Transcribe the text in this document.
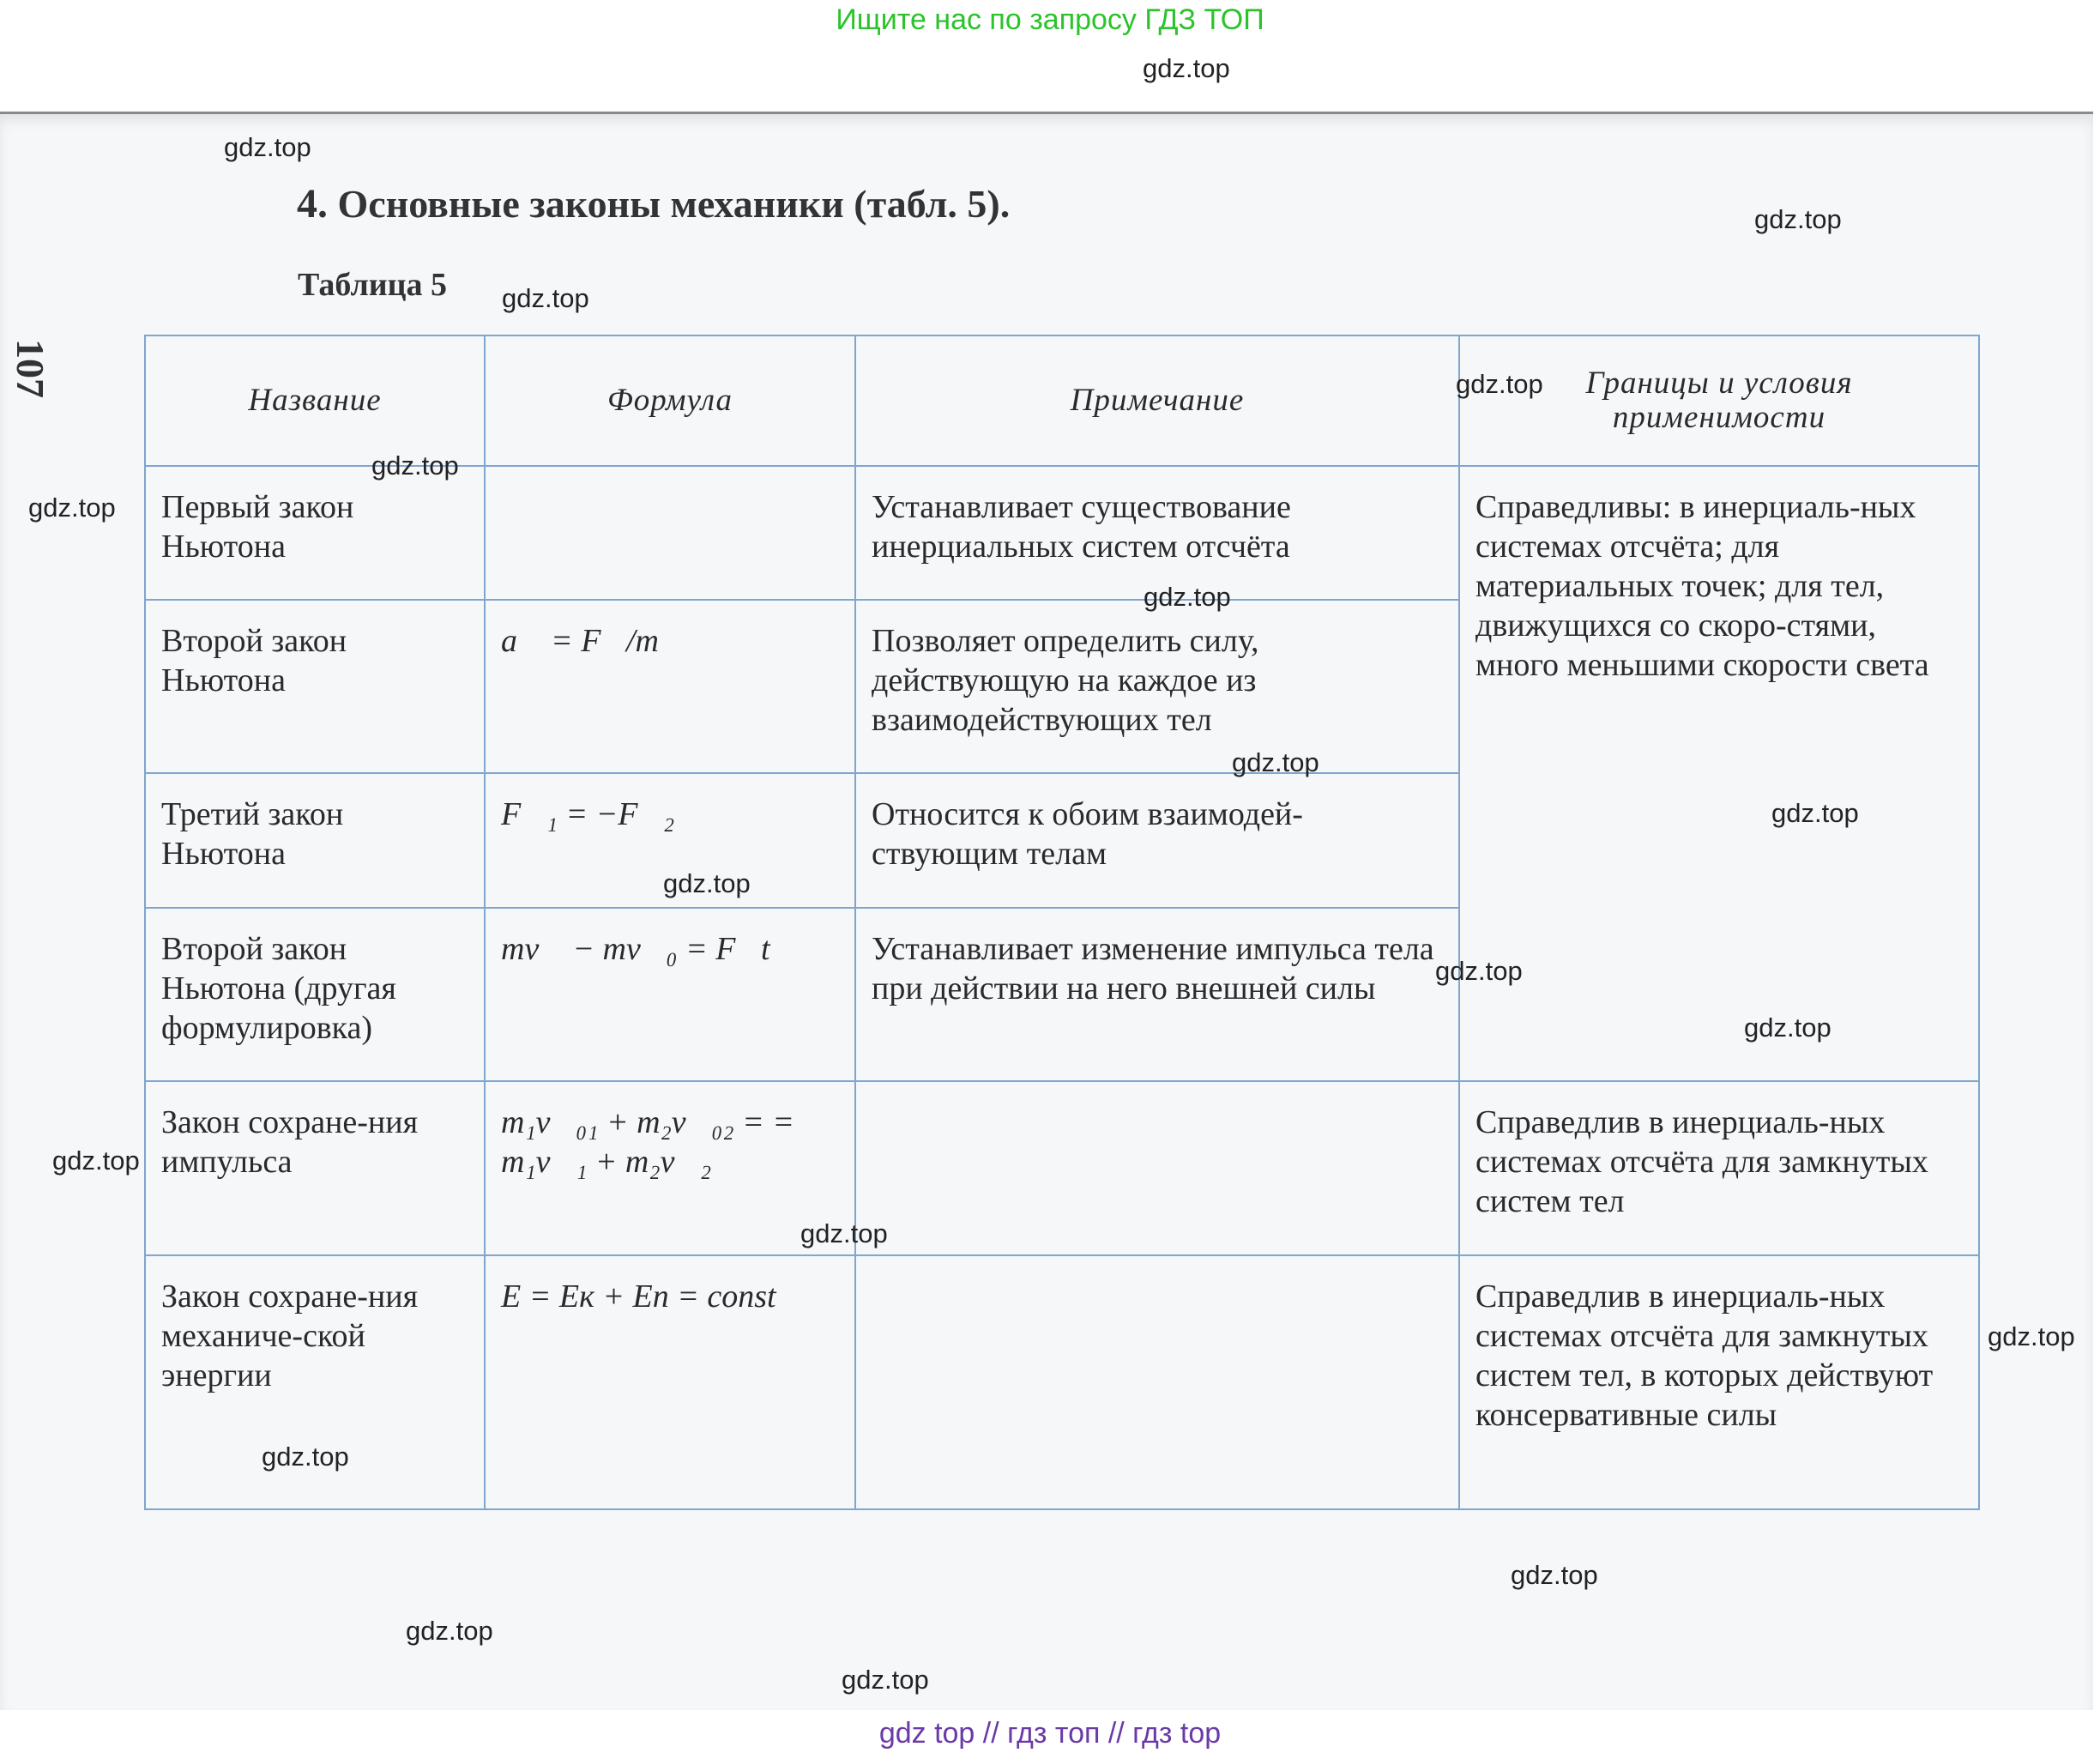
Ищите нас по запросу ГДЗ ТОП
107
4. Основные законы механики (табл. 5).
Таблица 5
Название	Формула	Примечание	Границы и условия применимости
Первый закон Ньютона		Устанавливает существование инерциальных систем отсчёта	Справедливы: в инерциаль-ных системах отсчёта; для материальных точек; для тел, движущихся со скоро-стями, много меньшими скорости света
Второй закон Ньютона	a⃗ = F⃗/m	Позволяет определить силу, действующую на каждое из взаимодействующих тел	
Третий закон Ньютона	F⃗₁ = −F⃗₂	Относится к обоим взаимодей-ствующим телам	
Второй закон Ньютона (другая формулировка)	mv⃗ − mv⃗₀ = F⃗t	Устанавливает изменение импульса тела при действии на него внешней силы	
Закон сохране-ния импульса	m₁v⃗₀₁ + m₂v⃗₀₂ = = m₁v⃗₁ + m₂v⃗₂		Справедлив в инерциаль-ных системах отсчёта для замкнутых систем тел
Закон сохране-ния механиче-ской энергии	E = Eк + Eп = const		Справедлив в инерциаль-ных системах отсчёта для замкнутых систем тел, в которых действуют консервативные силы
gdz.top
gdz.top
gdz.top
gdz.top
gdz.top
gdz.top
gdz.top
gdz.top
gdz.top
gdz.top
gdz.top
gdz.top
gdz.top
gdz.top
gdz.top
gdz.top
gdz.top
gdz.top
gdz.top
gdz.top
gdz top // гдз топ // гдз top
